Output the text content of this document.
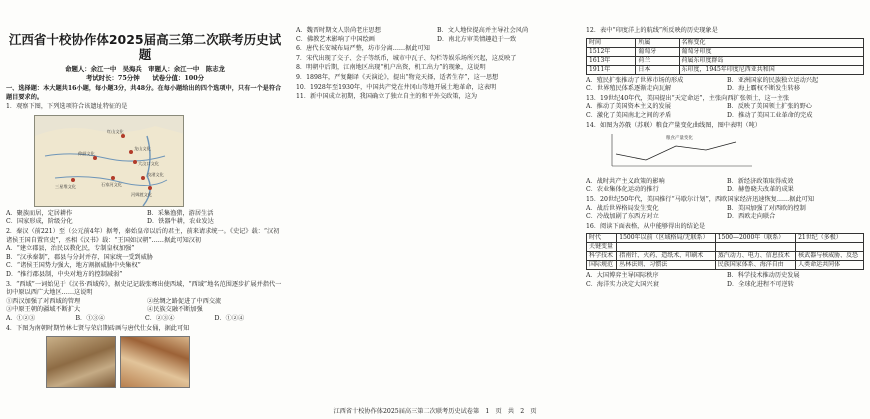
江西省十校协作体2025届高三第二次联考历史试题
命题人：余江一中　吴海兵　审题人：余江一中　陈志龙
考试时长：75分钟　　试卷分值：100分
一、选择题：本大题共16小题，每小题3分，共48分。在每小题给出的四个选项中，只有一个是符合题目要求的。
1．观察下图，下列选项符合该遗址特征的是
红山文化
龙山文化
仰韶文化
大汶口文化
河姆渡文化
良渚文化
三星堆文化	石家河文化
A．聚族而居，定居耕作	B．采集渔猎，游居生活
C．国家形成，阶级分化	D．铁器牛耕，农业发达
2．秦汉（前221）至（公元前4年）据考，秦始皇帝以后的君主，前来请求统一。《史记》载：“汉初诸侯王国自置官吏”，丞相《汉书》载：“王国如汉朝”……据此可知汉初
A．“建立郡县，治民以教化民，专制皇权加强”
B．“汉承秦制”，郡县与分封并存，国家统一受到威胁
C．“诸侯王国势力强大，地方割据威胁中央集权”
D．“推行郡县制，中央对地方的控制减弱”
3．“西域”一词始见于《汉书·西域传》，据史记记载张骞出使西域，“西域”地名范围逐步扩展并指代一切中原以西广大地区……这说明
①西汉加强了对西域的管理	②丝绸之路促进了中西交流
③中原王朝的疆域不断扩大	④民族交融不断加强
A．①②③	B．①③④	C．②③④	D．①②④
4．下图为南朝时期竹林七贤与荣启期砖画与唐代仕女俑，据此可知
A．魏晋时期文人崇尚老庄思想	B．文人地位提高并主导社会风尚
C．佛教艺术影响了中国绘画	D．南北方审美情趣趋于一致
6．唐代长安城布局严整，坊市分离……据此可知
7．宋代出现了交子、会子等纸币，城市中瓦子、勾栏等娱乐场所兴起，这反映了
8．明朝中后期，江南地区出现“机户出资，机工出力”的现象，这说明
9．1898年，严复翻译《天演论》，提出“物竞天择，适者生存”，这一思想
10．1928年至1930年，中国共产党在井冈山等地开展土地革命，这表明
11．新中国成立初期，我国确立了独立自主的和平外交政策，这为
12．表中“印度洋上的航线”所反映的历史现象是
时间	所属	名称变化
1512年	葡萄牙	葡萄牙印度
1613年	荷兰	荷属东印度群岛
1911年	日本	东印度，1945年印度尼西亚共和国
A．殖民扩张推动了世界市场的形成	B．亚洲国家的民族独立运动兴起
C．世界殖民体系逐渐走向瓦解	D．海上霸权不断发生转移
13．19世纪40年代，美国提出“天定命运”，主张向西扩张领土，这一主张
A．推动了美国资本主义的发展	B．反映了美国领土扩张的野心
C．激化了美国南北之间的矛盾	D．推动了美国工业革命的完成
14．如图为苏俄（苏联）粮食产量变化曲线图，图中表明（吨）
粮食产量变化
A．战时共产主义政策的影响	B．新经济政策取得成效
C．农业集体化运动的推行	D．赫鲁晓夫改革的成果
15．20世纪50年代，美国推行“马歇尔计划”，西欧国家经济迅速恢复……据此可知
A．战后世界格局发生变化	B．美国加强了对西欧的控制
C．冷战加剧了东西方对立	D．西欧走向联合
16．阅读下面表格，从中能够得出的结论是
时代	1500年以前（区域格局/无联系）	1500—2000年（联系）	21世纪（多极）
关键变量			
科学技术	指南针、火药、造纸术、印刷术	蒸汽动力、电力、信息技术	核武器与核威胁、反恐
国际规范	丛林法则、习惯法	民族国家体系、海洋自由	人类命运共同体
A．大国博弈主导国际秩序	B．科学技术推动历史发展
C．海洋实力决定大国兴衰	D．全球化进程不可逆转
江西省十校协作体2025届高三第二次联考历史试卷第　1　页　共　2　页
